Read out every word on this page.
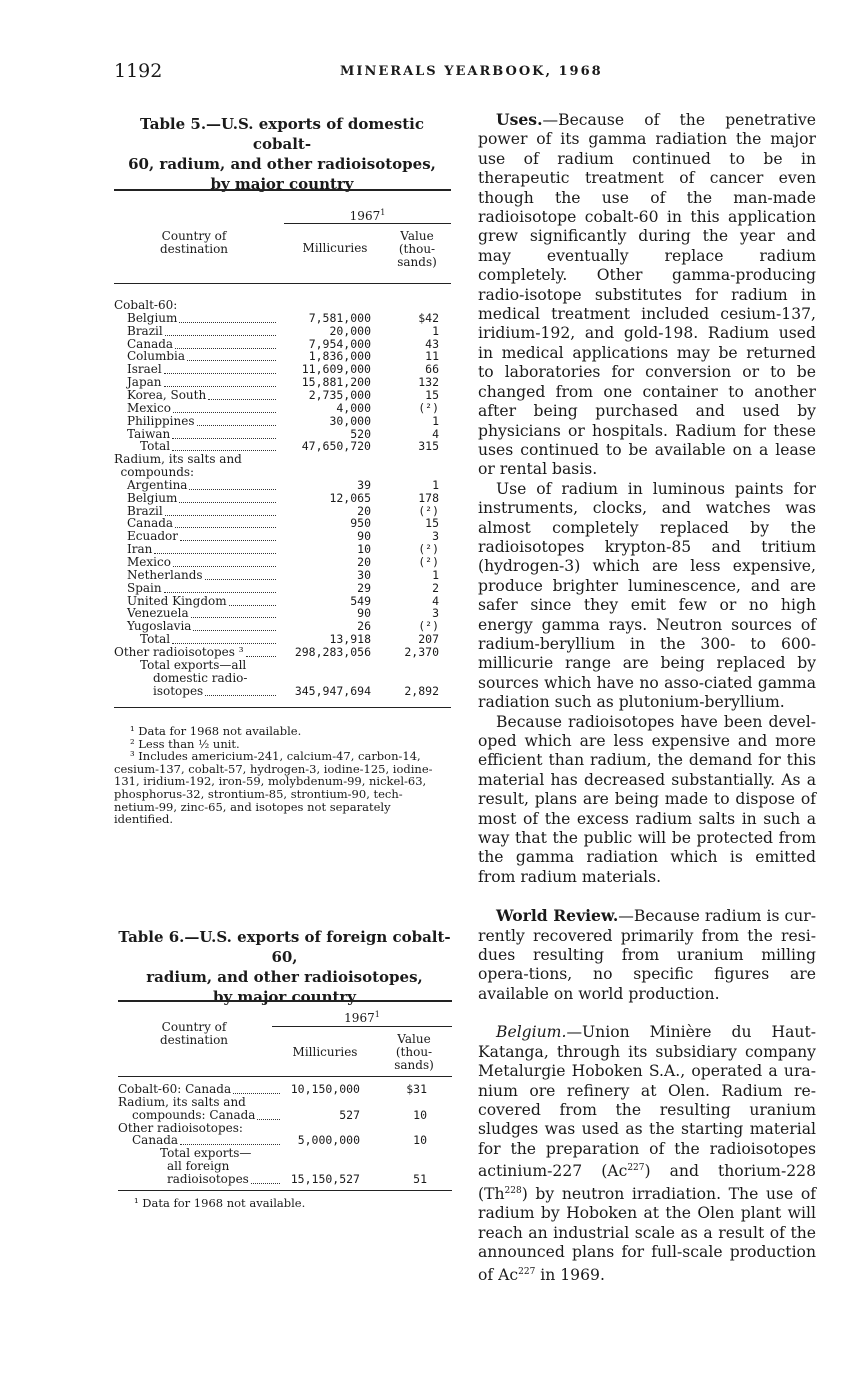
1192	MINERALS YEARBOOK, 1968
Table 5.—U.S. exports of domestic cobalt-
60, radium, and other radioisotopes,
by major country
1967$^1$
Country of
destination	Millicuries
Value
(thou-
sands)
Cobalt-60:
Belgium	7,581,000	$42
Brazil	20,000	1
Canada	7,954,000	43
Columbia	1,836,000	11
Israel	11,609,000	66
Japan	15,881,200	132
Korea, South	2,735,000	15
Mexico	4,000	(²)
Philippines	30,000	1
Taiwan	520	4
Total	47,650,720	315
Radium, its salts and
compounds:
Argentina	39	1
Belgium	12,065	178
Brazil	20	(²)
Canada	950	15
Ecuador	90	3
Iran	10	(²)
Mexico	20	(²)
Netherlands	30	1
Spain	29	2
United Kingdom	549	4
Venezuela	90	3
Yugoslavia	26	(²)
Total	13,918	207
Other radioisotopes ³	298,283,056	2,370
Total exports—all
domestic radio-
isotopes	345,947,694	2,892
¹ Data for 1968 not available.
² Less than ½ unit.
³ Includes americium-241, calcium-47, carbon-14,
cesium-137, cobalt-57, hydrogen-3, iodine-125, iodine-
131, iridium-192, iron-59, molybdenum-99, nickel-63,
phosphorus-32, strontium-85, strontium-90, tech-
netium-99, zinc-65, and isotopes not separately
identified.
Table 6.—U.S. exports of foreign cobalt-60,
radium, and other radioisotopes,
by major country
1967$^1$
Country of
destination
Millicuries
Value
(thou-
sands)
Cobalt-60: Canada	10,150,000	$31
Radium, its salts and
compounds: Canada	527	10
Other radioisotopes:
Canada	5,000,000	10
Total exports—
all foreign
radioisotopes	15,150,527	51
¹ Data for 1968 not available.

Uses.—Because of the penetrative power of its gamma radiation the major use of radium continued to be in therapeutic treatment of cancer even though the use of the man-made radioisotope cobalt-60 in this application grew significantly during the year and may eventually replace radium completely. Other gamma-producing radio-isotope substitutes for radium in medical treatment included cesium-137, iridium-192, and gold-198. Radium used in medical applications may be returned to laboratories for conversion or to be changed from one container to another after being purchased and used by physicians or hospitals. Radium for these uses continued to be available on a lease or rental basis.

Use of radium in luminous paints for instruments, clocks, and watches was almost completely replaced by the radioisotopes krypton-85 and tritium (hydrogen-3) which are less expensive, produce brighter luminescence, and are safer since they emit few or no high energy gamma rays. Neutron sources of radium-beryllium in the 300- to 600-millicurie range are being replaced by sources which have no asso-ciated gamma radiation such as plutonium-beryllium.

Because radioisotopes have been devel-oped which are less expensive and more efficient than radium, the demand for this material has decreased substantially. As a result, plans are being made to dispose of most of the excess radium salts in such a way that the public will be protected from the gamma radiation which is emitted from radium materials.

World Review.—Because radium is cur-rently recovered primarily from the resi-dues resulting from uranium milling opera-tions, no specific figures are available on world production.

Belgium.—Union Minière du Haut-Katanga, through its subsidiary company Metalurgie Hoboken S.A., operated a ura-nium ore refinery at Olen. Radium re-covered from the resulting uranium sludges was used as the starting material for the preparation of the radioisotopes actinium-227 (Ac$^{227}$) and thorium-228 (Th$^{228}$) by neutron irradiation. The use of radium by Hoboken at the Olen plant will reach an industrial scale as a result of the announced plans for full-scale production of Ac$^{227}$ in 1969.
